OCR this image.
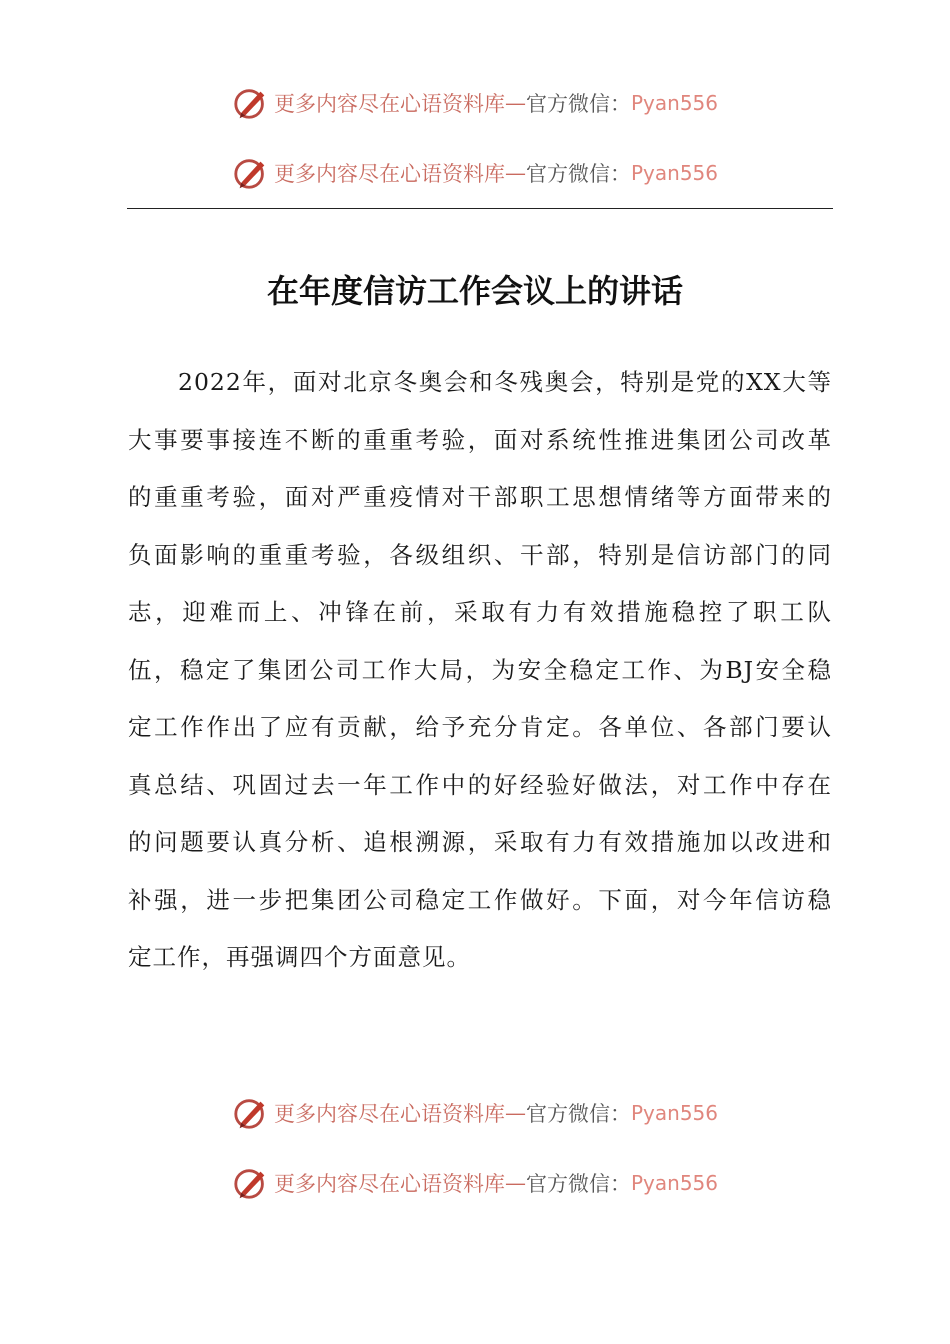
更多内容尽在心语资料库 — 官方微信： Pyan556
更多内容尽在心语资料库 — 官方微信： Pyan556
在年度信访工作会议上的讲话
2022年，面对北京冬奥会和冬残奥会，特别是党的XX大等
大事要事接连不断的重重考验，面对系统性推进集团公司改革
的重重考验，面对严重疫情对干部职工思想情绪等方面带来的
负面影响的重重考验，各级组织、干部，特别是信访部门的同
志，迎难而上、冲锋在前，采取有力有效措施稳控了职工队
伍，稳定了集团公司工作大局，为安全稳定工作、为BJ安全稳
定工作作出了应有贡献，给予充分肯定。各单位、各部门要认
真总结、巩固过去一年工作中的好经验好做法，对工作中存在
的问题要认真分析、追根溯源，采取有力有效措施加以改进和
补强，进一步把集团公司稳定工作做好。下面，对今年信访稳
定工作，再强调四个方面意见。
更多内容尽在心语资料库 — 官方微信： Pyan556
更多内容尽在心语资料库 — 官方微信： Pyan556
